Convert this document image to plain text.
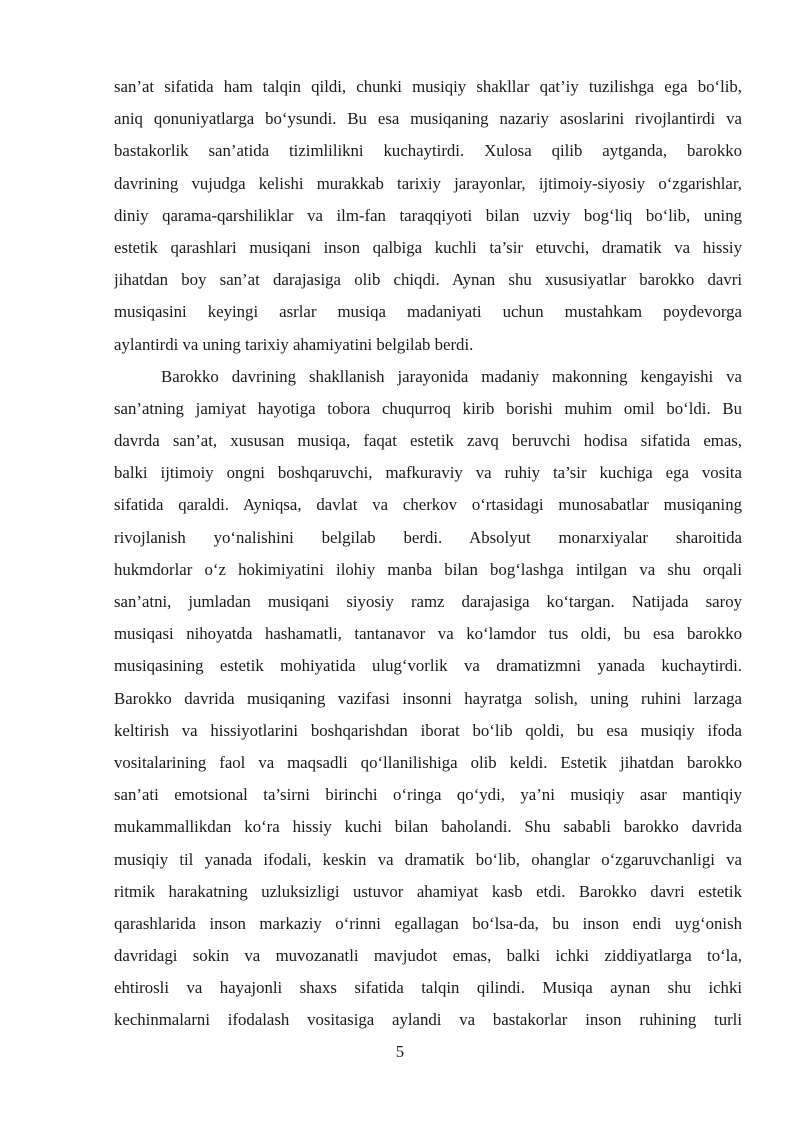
san’at sifatida ham talqin qildi, chunki musiqiy shakllar qat’iy tuzilishga ega bo‘lib,
aniq qonuniyatlarga bo‘ysundi. Bu esa musiqaning nazariy asoslarini rivojlantirdi va
bastakorlik san’atida tizimlilikni kuchaytirdi. Xulosa qilib aytganda, barokko
davrining vujudga kelishi murakkab tarixiy jarayonlar, ijtimoiy-siyosiy o‘zgarishlar,
diniy qarama-qarshiliklar va ilm-fan taraqqiyoti bilan uzviy bog‘liq bo‘lib, uning
estetik qarashlari musiqani inson qalbiga kuchli ta’sir etuvchi, dramatik va hissiy
jihatdan boy san’at darajasiga olib chiqdi. Aynan shu xususiyatlar barokko davri
musiqasini keyingi asrlar musiqa madaniyati uchun mustahkam poydevorga
aylantirdi va uning tarixiy ahamiyatini belgilab berdi.
Barokko davrining shakllanish jarayonida madaniy makonning kengayishi va
san’atning jamiyat hayotiga tobora chuqurroq kirib borishi muhim omil bo‘ldi. Bu
davrda san’at, xususan musiqa, faqat estetik zavq beruvchi hodisa sifatida emas,
balki ijtimoiy ongni boshqaruvchi, mafkuraviy va ruhiy ta’sir kuchiga ega vosita
sifatida qaraldi. Ayniqsa, davlat va cherkov o‘rtasidagi munosabatlar musiqaning
rivojlanish yo‘nalishini belgilab berdi. Absolyut monarxiyalar sharoitida
hukmdorlar o‘z hokimiyatini ilohiy manba bilan bog‘lashga intilgan va shu orqali
san’atni, jumladan musiqani siyosiy ramz darajasiga ko‘targan. Natijada saroy
musiqasi nihoyatda hashamatli, tantanavor va ko‘lamdor tus oldi, bu esa barokko
musiqasining estetik mohiyatida ulug‘vorlik va dramatizmni yanada kuchaytirdi.
Barokko davrida musiqaning vazifasi insonni hayratga solish, uning ruhini larzaga
keltirish va hissiyotlarini boshqarishdan iborat bo‘lib qoldi, bu esa musiqiy ifoda
vositalarining faol va maqsadli qo‘llanilishiga olib keldi. Estetik jihatdan barokko
san’ati emotsional ta’sirni birinchi o‘ringa qo‘ydi, ya’ni musiqiy asar mantiqiy
mukammallikdan ko‘ra hissiy kuchi bilan baholandi. Shu sababli barokko davrida
musiqiy til yanada ifodali, keskin va dramatik bo‘lib, ohanglar o‘zgaruvchanligi va
ritmik harakatning uzluksizligi ustuvor ahamiyat kasb etdi. Barokko davri estetik
qarashlarida inson markaziy o‘rinni egallagan bo‘lsa-da, bu inson endi uyg‘onish
davridagi sokin va muvozanatli mavjudot emas, balki ichki ziddiyatlarga to‘la,
ehtirosli va hayajonli shaxs sifatida talqin qilindi. Musiqa aynan shu ichki
kechinmalarni ifodalash vositasiga aylandi va bastakorlar inson ruhining turli
5
